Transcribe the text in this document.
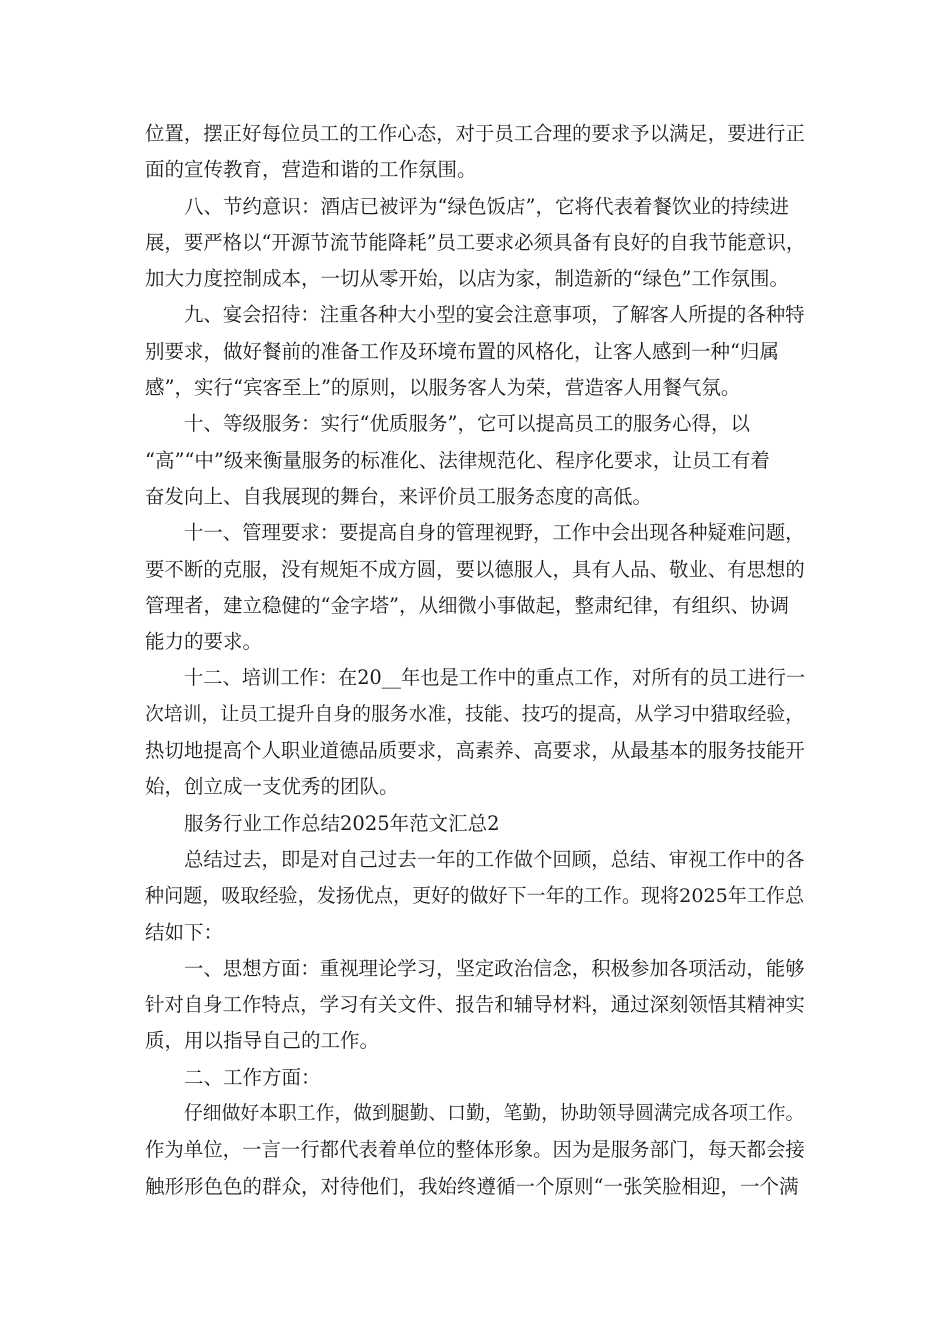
位置，摆正好每位员工的工作心态，对于员工合理的要求予以满足，要进行正
面的宣传教育，营造和谐的工作氛围。
八、节约意识：酒店已被评为“绿色饭店”，它将代表着餐饮业的持续进
展，要严格以“开源节流节能降耗”员工要求必须具备有良好的自我节能意识，
加大力度控制成本，一切从零开始，以店为家，制造新的“绿色”工作氛围。
九、宴会招待：注重各种大小型的宴会注意事项，了解客人所提的各种特
别要求，做好餐前的准备工作及环境布置的风格化，让客人感到一种“归属
感”，实行“宾客至上”的原则，以服务客人为荣，营造客人用餐气氛。
十、等级服务：实行“优质服务”，它可以提高员工的服务心得，以
“高”“中”级来衡量服务的标准化、法律规范化、程序化要求，让员工有着
奋发向上、自我展现的舞台，来评价员工服务态度的高低。
十一、管理要求：要提高自身的管理视野，工作中会出现各种疑难问题，
要不断的克服，没有规矩不成方圆，要以德服人，具有人品、敬业、有思想的
管理者，建立稳健的“金字塔”，从细微小事做起，整肃纪律，有组织、协调
能力的要求。
十二、培训工作：在20__年也是工作中的重点工作，对所有的员工进行一
次培训，让员工提升自身的服务水准，技能、技巧的提高，从学习中猎取经验，
热切地提高个人职业道德品质要求，高素养、高要求，从最基本的服务技能开
始，创立成一支优秀的团队。
服务行业工作总结2025年范文汇总2
总结过去，即是对自己过去一年的工作做个回顾，总结、审视工作中的各
种问题，吸取经验，发扬优点，更好的做好下一年的工作。现将2025年工作总
结如下：
一、思想方面：重视理论学习，坚定政治信念，积极参加各项活动，能够
针对自身工作特点，学习有关文件、报告和辅导材料，通过深刻领悟其精神实
质，用以指导自己的工作。
二、工作方面：
仔细做好本职工作，做到腿勤、口勤，笔勤，协助领导圆满完成各项工作。
作为单位，一言一行都代表着单位的整体形象。因为是服务部门，每天都会接
触形形色色的群众，对待他们，我始终遵循一个原则“一张笑脸相迎，一个满
